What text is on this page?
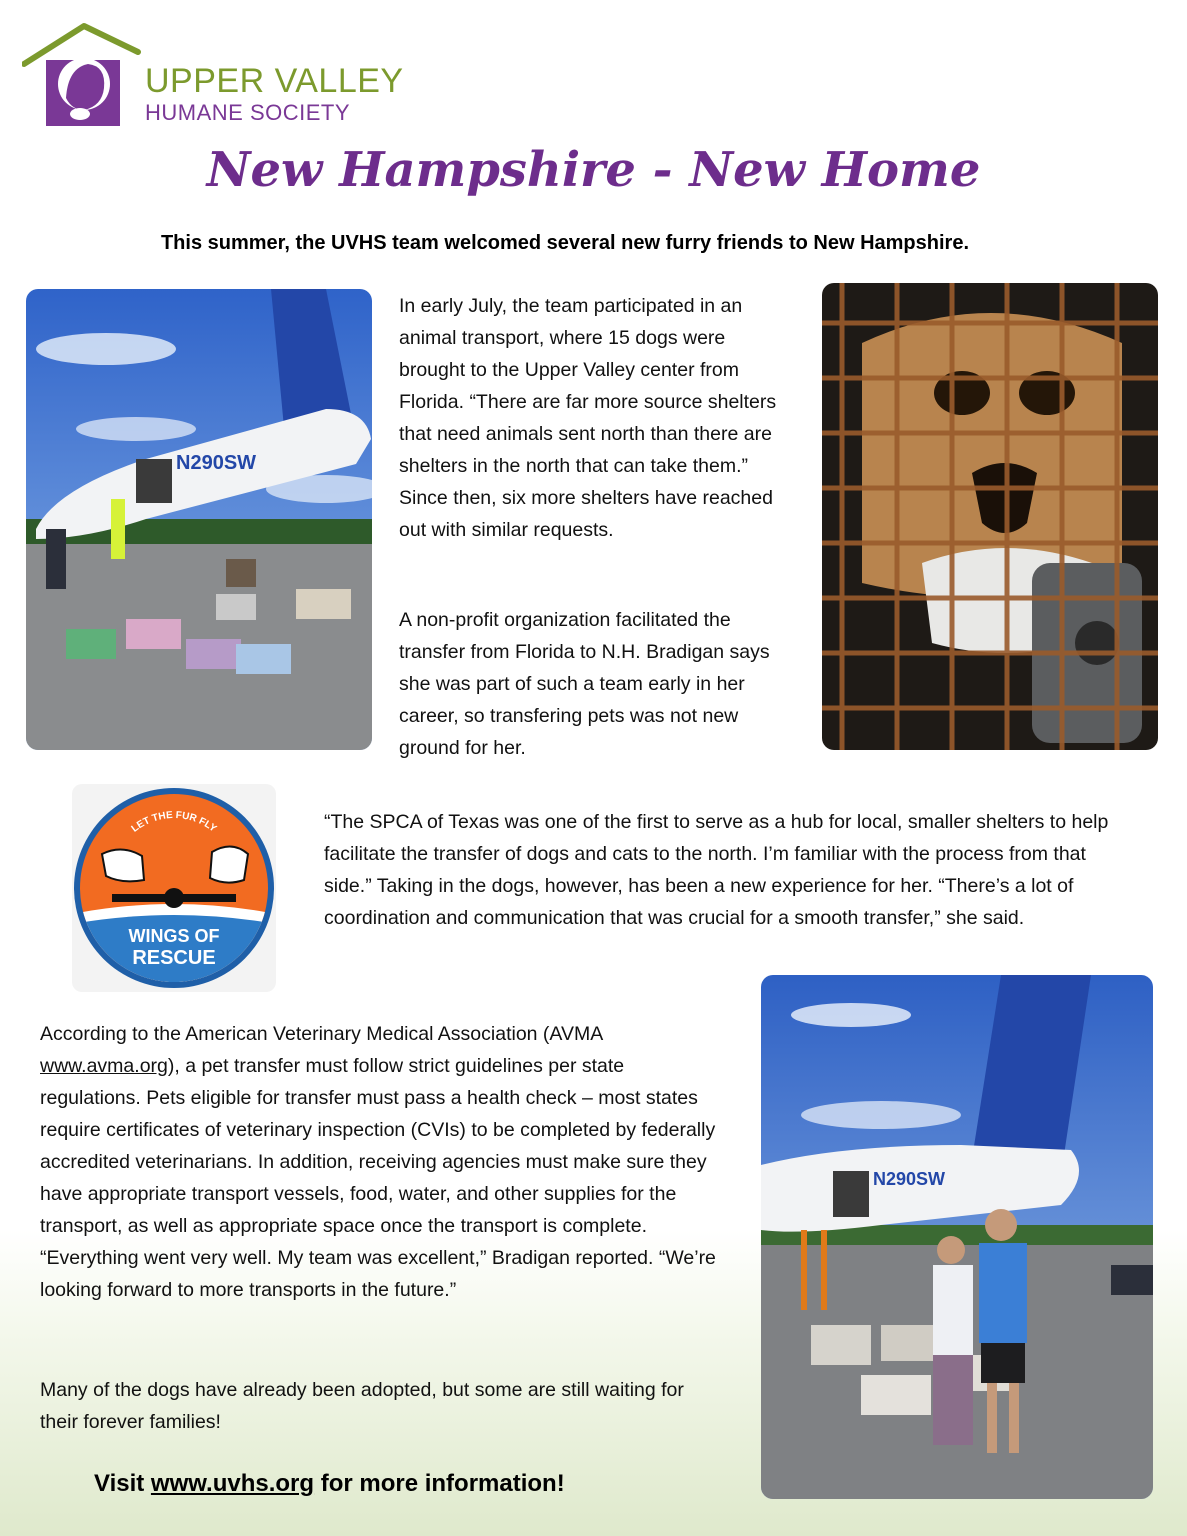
UPPER VALLEY
HUMANE SOCIETY
New Hampshire - New Home
This summer, the UVHS team welcomed several new furry friends to New Hampshire.
N290SW

In early July, the team participated in an animal transport, where 15 dogs were brought to the Upper Valley center from Florida. “There are far more source shelters that need animals sent north than there are shelters in the north that can take them.” Since then, six more shelters have reached out with similar requests.

A non-profit organization facilitated the transfer from Florida to N.H. Bradigan says she was part of such a team early in her career, so transfering pets was not new ground for her.

LET THE FUR FLY
WINGS OF
RESCUE

“The SPCA of Texas was one of the first to serve as a hub for local, smaller shelters to help facilitate the transfer of dogs and cats to the north. I’m familiar with the process from that side.” Taking in the dogs, however, has been a new experience for her. “There’s a lot of coordination and communication that was crucial for a smooth transfer,” she said.

According to the American Veterinary Medical Association (AVMA www.avma.org), a pet transfer must follow strict guidelines per state regulations. Pets eligible for transfer must pass a health check – most states require certificates of veterinary inspection (CVIs) to be completed by federally accredited veterinarians. In addition, receiving agencies must make sure they have appropriate transport vessels, food, water, and other supplies for the transport, as well as appropriate space once the transport is complete. “Everything went very well. My team was excellent,” Bradigan reported. “We’re looking forward to more transports in the future.”

Many of the dogs have already been adopted, but some are still waiting for their forever families!

N290SW
Visit www.uvhs.org for more information!
